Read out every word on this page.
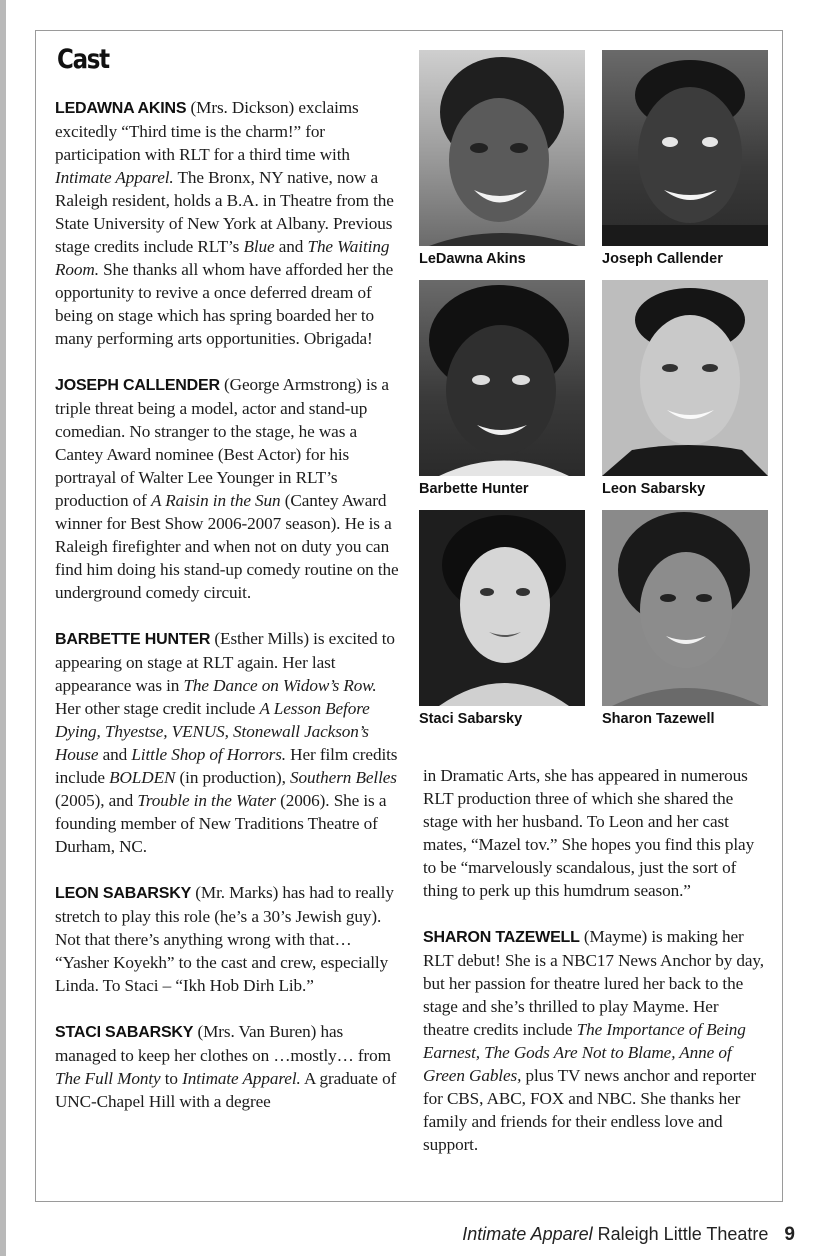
Cast

LEDAWNA AKINS (Mrs. Dickson) exclaims excitedly “Third time is the charm!” for participation with RLT for a third time with Intimate Apparel. The Bronx, NY native, now a Raleigh resident, holds a B.A. in Theatre from the State University of New York at Albany. Previous stage credits include RLT’s Blue and The Waiting Room. She thanks all whom have afforded her the opportunity to revive a once deferred dream of being on stage which has spring boarded her to many performing arts opportunities. Obrigada!

JOSEPH CALLENDER (George Armstrong) is a triple threat being a model, actor and stand-up comedian. No stranger to the stage, he was a Cantey Award nominee (Best Actor) for his portrayal of Walter Lee Younger in RLT’s production of A Raisin in the Sun (Cantey Award winner for Best Show 2006-2007 season). He is a Raleigh firefighter and when not on duty you can find him doing his stand-up comedy routine on the underground comedy circuit.

BARBETTE HUNTER (Esther Mills) is excited to appearing on stage at RLT again. Her last appearance was in The Dance on Widow’s Row. Her other stage credit include A Lesson Before Dying, Thyestse, VENUS, Stonewall Jackson’s House and Little Shop of Horrors. Her film credits include BOLDEN (in production), Southern Belles (2005), and Trouble in the Water (2006). She is a founding member of New Traditions Theatre of Durham, NC.

LEON SABARSKY (Mr. Marks) has had to really stretch to play this role (he’s a 30’s Jewish guy). Not that there’s anything wrong with that… “Yasher Koyekh” to the cast and crew, especially Linda. To Staci – “Ikh Hob Dirh Lib.”

STACI SABARSKY (Mrs. Van Buren) has managed to keep her clothes on …mostly… from The Full Monty to Intimate Apparel. A graduate of UNC-Chapel Hill with a degree

LeDawna Akins	Joseph Callender
Barbette Hunter	Leon Sabarsky
Staci Sabarsky	Sharon Tazewell

in Dramatic Arts, she has appeared in numerous RLT production three of which she shared the stage with her husband. To Leon and her cast mates, “Mazel tov.” She hopes you find this play to be “marvelously scandalous, just the sort of thing to perk up this humdrum season.”

SHARON TAZEWELL (Mayme) is making her RLT debut! She is a NBC17 News Anchor by day, but her passion for theatre lured her back to the stage and she’s thrilled to play Mayme. Her theatre credits include The Importance of Being Earnest, The Gods Are Not to Blame, Anne of Green Gables, plus TV news anchor and reporter for CBS, ABC, FOX and NBC. She thanks her family and friends for their endless love and support.

Intimate Apparel Raleigh Little Theatre 9
